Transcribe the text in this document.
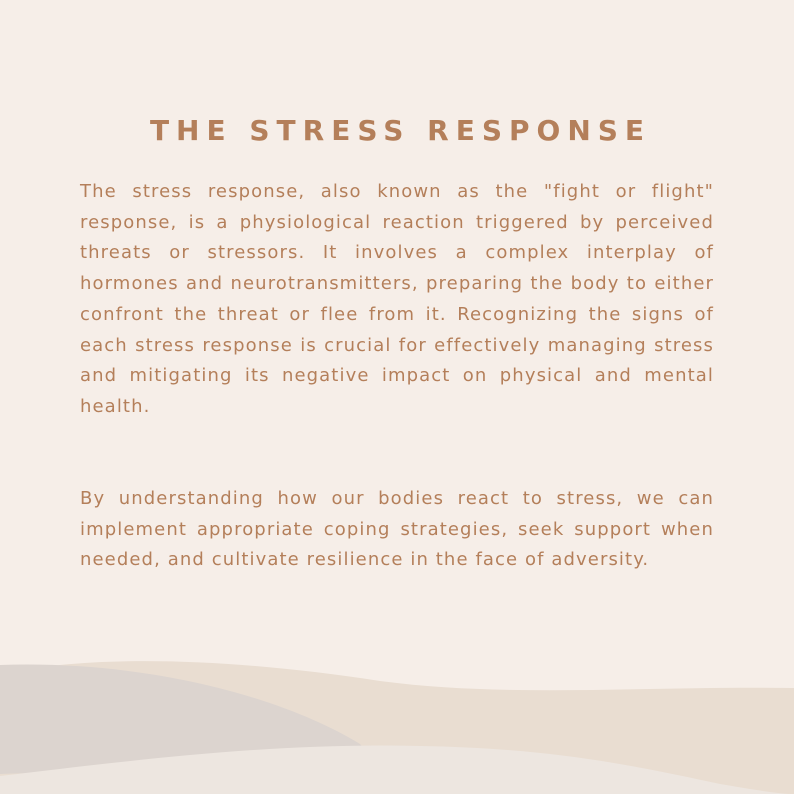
THE STRESS RESPONSE

The stress response, also known as the "fight or flight" response, is a physiological reaction triggered by perceived threats or stressors. It involves a complex interplay of hormones and neurotransmitters, preparing the body to either confront the threat or flee from it. Recognizing the signs of each stress response is crucial for effectively managing stress and mitigating its negative impact on physical and mental health.

By understanding how our bodies react to stress, we can implement appropriate coping strategies, seek support when needed, and cultivate resilience in the face of adversity.
